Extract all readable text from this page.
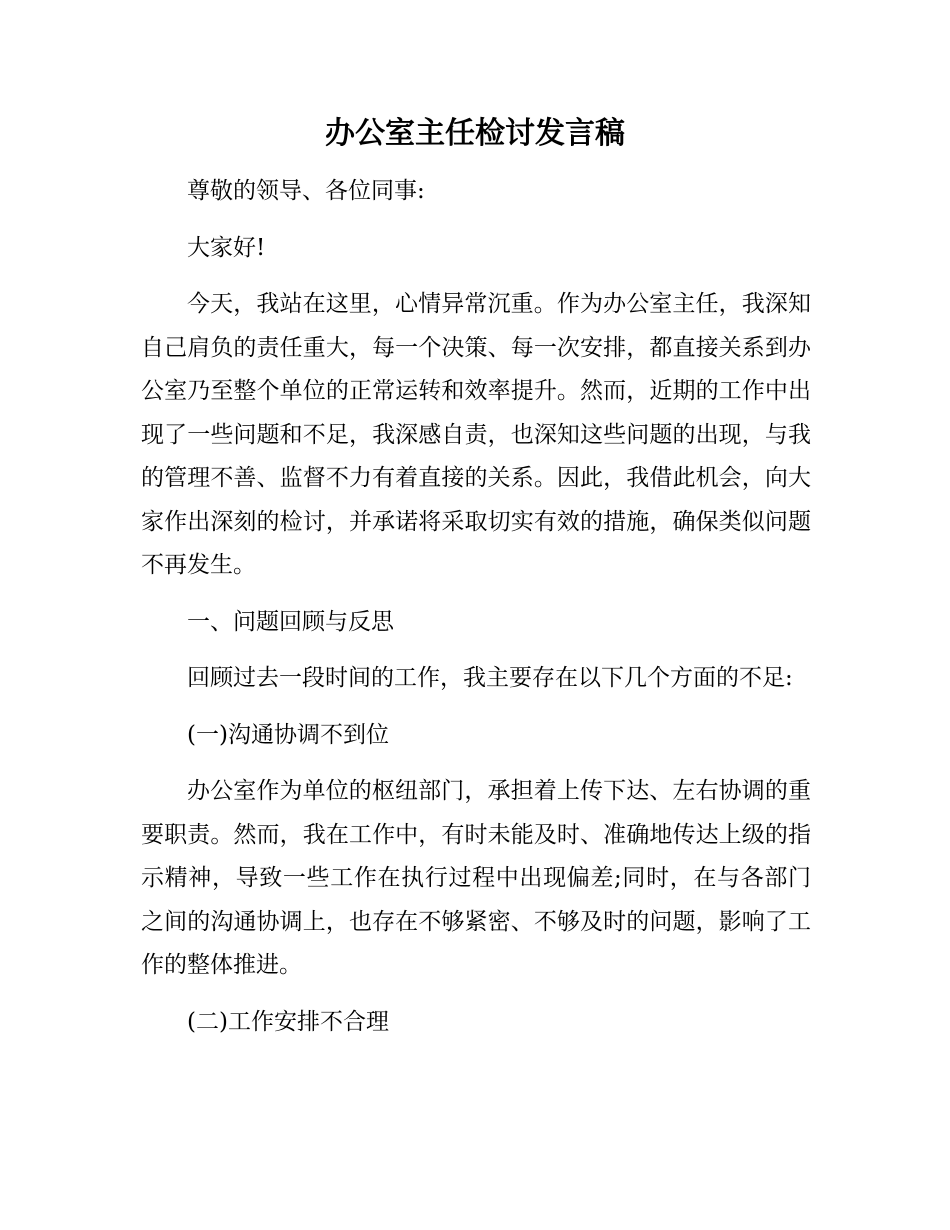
办公室主任检讨发言稿

尊敬的领导、各位同事:

大家好!

今天，我站在这里，心情异常沉重。作为办公室主任，我深知自己肩负的责任重大，每一个决策、每一次安排，都直接关系到办公室乃至整个单位的正常运转和效率提升。然而，近期的工作中出现了一些问题和不足，我深感自责，也深知这些问题的出现，与我的管理不善、监督不力有着直接的关系。因此，我借此机会，向大家作出深刻的检讨，并承诺将采取切实有效的措施，确保类似问题不再发生。

一、问题回顾与反思

回顾过去一段时间的工作，我主要存在以下几个方面的不足:

(一)沟通协调不到位

办公室作为单位的枢纽部门，承担着上传下达、左右协调的重要职责。然而，我在工作中，有时未能及时、准确地传达上级的指示精神，导致一些工作在执行过程中出现偏差;同时，在与各部门之间的沟通协调上，也存在不够紧密、不够及时的问题，影响了工作的整体推进。

(二)工作安排不合理
